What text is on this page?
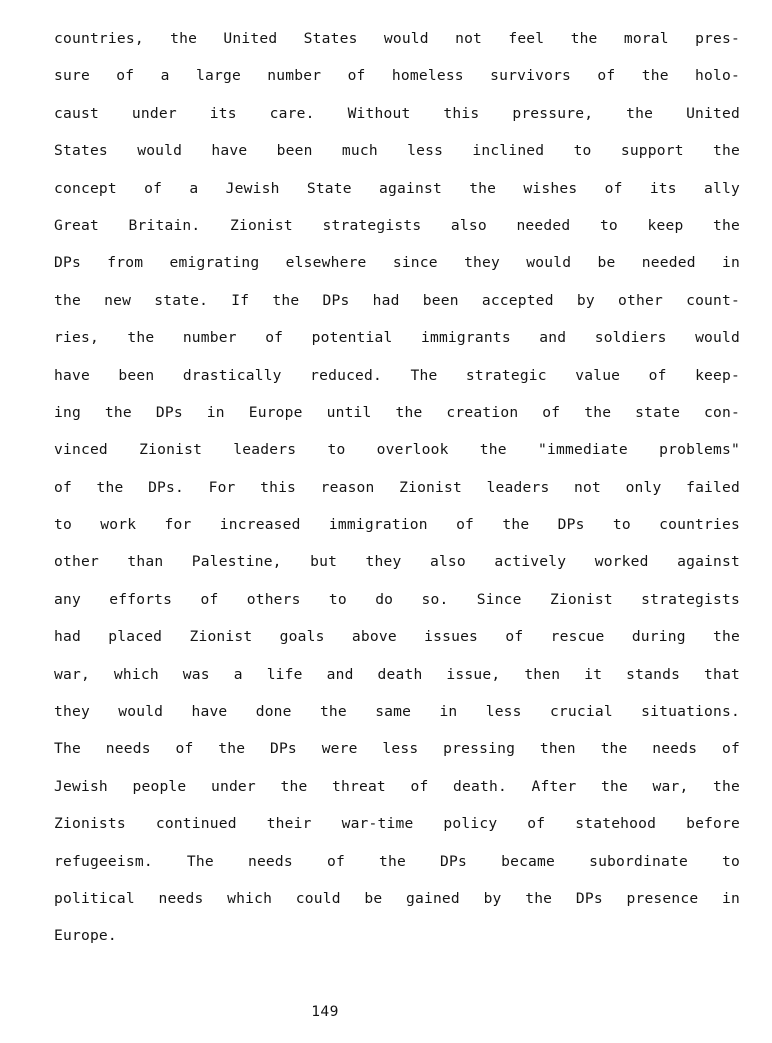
countries, the United States would not feel the moral pres-
sure of a large number of homeless survivors of the holo-
caust under its care. Without this pressure, the United
States would have been much less inclined to support the
concept of a Jewish State against the wishes of its ally
Great Britain. Zionist strategists also needed to keep the
DPs from emigrating elsewhere since they would be needed in
the new state. If the DPs had been accepted by other count-
ries, the number of potential immigrants and soldiers would
have been drastically reduced. The strategic value of keep-
ing the DPs in Europe until the creation of the state con-
vinced Zionist leaders to overlook the "immediate problems"
of the DPs. For this reason Zionist leaders not only failed
to work for increased immigration of the DPs to countries
other than Palestine, but they also actively worked against
any efforts of others to do so. Since Zionist strategists
had placed Zionist goals above issues of rescue during the
war, which was a life and death issue, then it stands that
they would have done the same in less crucial situations.
The needs of the DPs were less pressing then the needs of
Jewish people under the threat of death. After the war, the
Zionists continued their war-time policy of statehood before
refugeeism. The needs of the DPs became subordinate to
political needs which could be gained by the DPs presence in
Europe.
149
